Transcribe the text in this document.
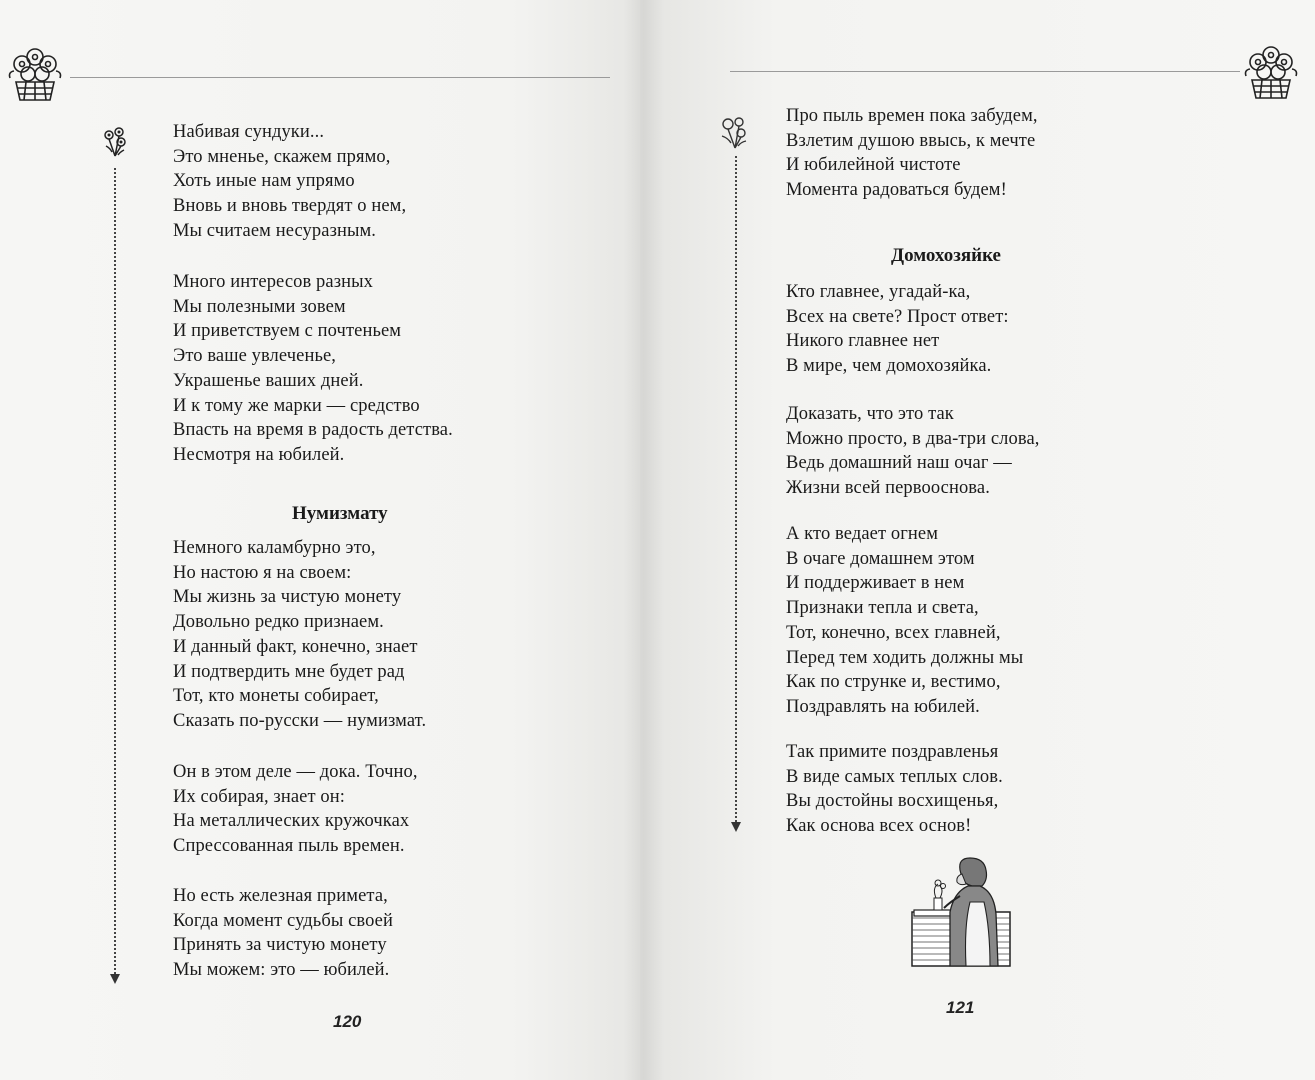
Набивая сундуки...
Это мненье, скажем прямо,
Хоть иные нам упрямо
Вновь и вновь твердят о нем,
Мы считаем несуразным.
Много интересов разных
Мы полезными зовем
И приветствуем с почтеньем
Это ваше увлеченье,
Украшенье ваших дней.
И к тому же марки — средство
Впасть на время в радость детства.
Несмотря на юбилей.
Нумизмату
Немного каламбурно это,
Но настою я на своем:
Мы жизнь за чистую монету
Довольно редко признаем.
И данный факт, конечно, знает
И подтвердить мне будет рад
Тот, кто монеты собирает,
Сказать по-русски — нумизмат.
Он в этом деле — дока. Точно,
Их собирая, знает он:
На металлических кружочках
Спрессованная пыль времен.
Но есть железная примета,
Когда момент судьбы своей
Принять за чистую монету
Мы можем: это — юбилей.
120
Про пыль времен пока забудем,
Взлетим душою ввысь, к мечте
И юбилейной чистоте
Момента радоваться будем!
Домохозяйке
Кто главнее, угадай-ка,
Всех на свете? Прост ответ:
Никого главнее нет
В мире, чем домохозяйка.
Доказать, что это так
Можно просто, в два-три слова,
Ведь домашний наш очаг —
Жизни всей первооснова.
А кто ведает огнем
В очаге домашнем этом
И поддерживает в нем
Признаки тепла и света,
Тот, конечно, всех главней,
Перед тем ходить должны мы
Как по струнке и, вестимо,
Поздравлять на юбилей.
Так примите поздравленья
В виде самых теплых слов.
Вы достойны восхищенья,
Как основа всех основ!
121
